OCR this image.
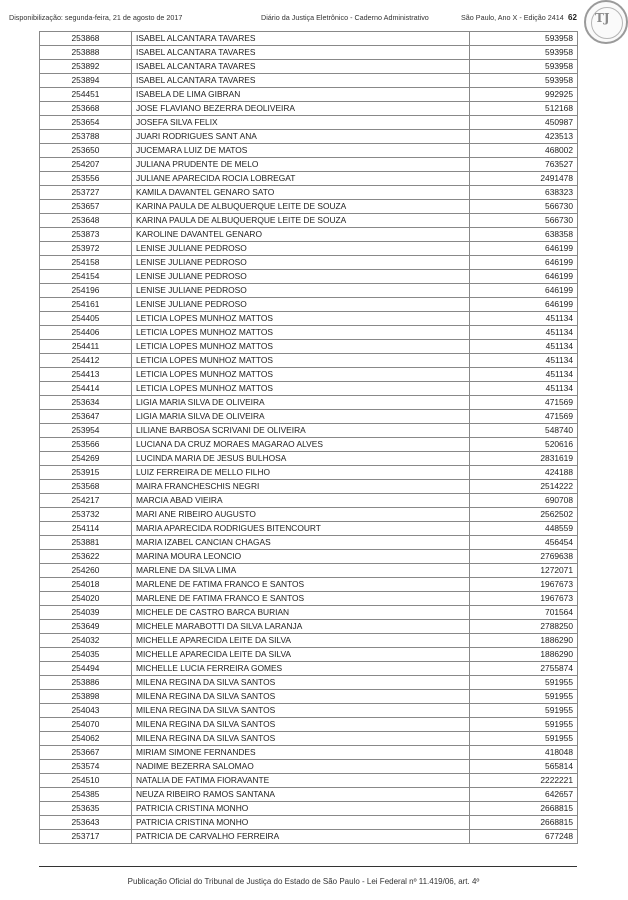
Disponibilização: segunda-feira, 21 de agosto de 2017	Diário da Justiça Eletrônico - Caderno Administrativo	São Paulo, Ano X - Edição 2414 62 TJ
253868	ISABEL ALCANTARA TAVARES	593958
253888	ISABEL ALCANTARA TAVARES	593958
253892	ISABEL ALCANTARA TAVARES	593958
253894	ISABEL ALCANTARA TAVARES	593958
254451	ISABELA DE LIMA GIBRAN	992925
253668	JOSE FLAVIANO BEZERRA DEOLIVEIRA	512168
253654	JOSEFA SILVA FELIX	450987
253788	JUARI RODRIGUES SANT ANA	423513
253650	JUCEMARA LUIZ DE MATOS	468002
254207	JULIANA PRUDENTE DE MELO	763527
253556	JULIANE APARECIDA ROCIA LOBREGAT	2491478
253727	KAMILA DAVANTEL GENARO SATO	638323
253657	KARINA PAULA DE ALBUQUERQUE LEITE DE SOUZA	566730
253648	KARINA PAULA DE ALBUQUERQUE LEITE DE SOUZA	566730
253873	KAROLINE DAVANTEL GENARO	638358
253972	LENISE JULIANE PEDROSO	646199
254158	LENISE JULIANE PEDROSO	646199
254154	LENISE JULIANE PEDROSO	646199
254196	LENISE JULIANE PEDROSO	646199
254161	LENISE JULIANE PEDROSO	646199
254405	LETICIA LOPES MUNHOZ MATTOS	451134
254406	LETICIA LOPES MUNHOZ MATTOS	451134
254411	LETICIA LOPES MUNHOZ MATTOS	451134
254412	LETICIA LOPES MUNHOZ MATTOS	451134
254413	LETICIA LOPES MUNHOZ MATTOS	451134
254414	LETICIA LOPES MUNHOZ MATTOS	451134
253634	LIGIA MARIA SILVA DE OLIVEIRA	471569
253647	LIGIA MARIA SILVA DE OLIVEIRA	471569
253954	LILIANE BARBOSA SCRIVANI DE OLIVEIRA	548740
253566	LUCIANA DA CRUZ MORAES MAGARAO ALVES	520616
254269	LUCINDA MARIA DE JESUS BULHOSA	2831619
253915	LUIZ FERREIRA DE MELLO FILHO	424188
253568	MAIRA FRANCHESCHIS NEGRI	2514222
254217	MARCIA ABAD VIEIRA	690708
253732	MARI ANE RIBEIRO AUGUSTO	2562502
254114	MARIA APARECIDA RODRIGUES BITENCOURT	448559
253881	MARIA IZABEL CANCIAN CHAGAS	456454
253622	MARINA MOURA LEONCIO	2769638
254260	MARLENE DA SILVA LIMA	1272071
254018	MARLENE DE FATIMA FRANCO E SANTOS	1967673
254020	MARLENE DE FATIMA FRANCO E SANTOS	1967673
254039	MICHELE DE CASTRO BARCA BURIAN	701564
253649	MICHELE MARABOTTI DA SILVA LARANJA	2788250
254032	MICHELLE APARECIDA LEITE DA SILVA	1886290
254035	MICHELLE APARECIDA LEITE DA SILVA	1886290
254494	MICHELLE LUCIA FERREIRA GOMES	2755874
253886	MILENA REGINA DA SILVA SANTOS	591955
253898	MILENA REGINA DA SILVA SANTOS	591955
254043	MILENA REGINA DA SILVA SANTOS	591955
254070	MILENA REGINA DA SILVA SANTOS	591955
254062	MILENA REGINA DA SILVA SANTOS	591955
253667	MIRIAM SIMONE FERNANDES	418048
253574	NADIME BEZERRA SALOMAO	565814
254510	NATALIA DE FATIMA FIORAVANTE	2222221
254385	NEUZA RIBEIRO RAMOS SANTANA	642657
253635	PATRICIA CRISTINA MONHO	2668815
253643	PATRICIA CRISTINA MONHO	2668815
253717	PATRICIA DE CARVALHO FERREIRA	677248
Publicação Oficial do Tribunal de Justiça do Estado de São Paulo - Lei Federal nº 11.419/06, art. 4º
